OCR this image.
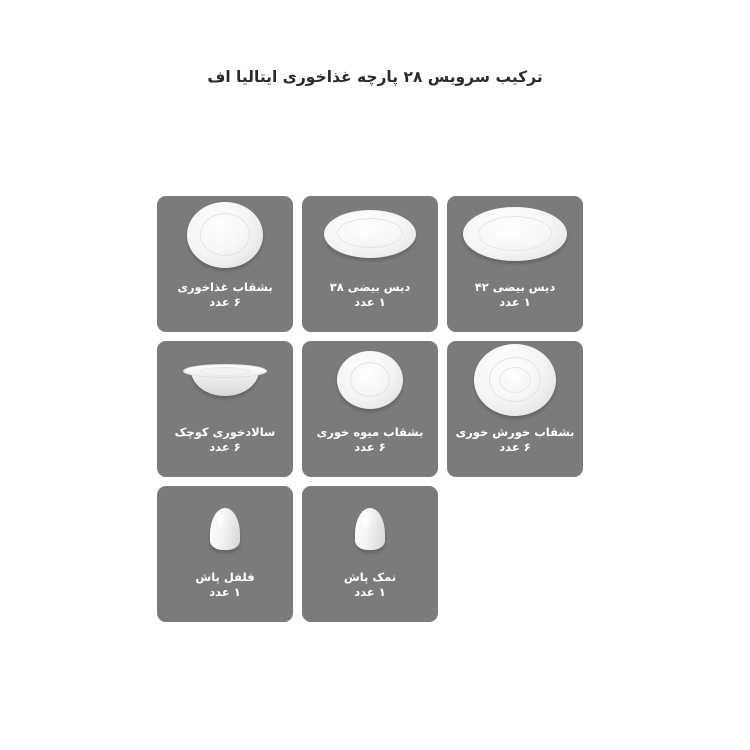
ترکیب سرویس ۲۸ پارچه غذاخوری ایتالیا اف
بشقاب غذاخوری
۶ عدد
دیس بیضی ۳۸
۱ عدد
دیس بیضی ۴۲
۱ عدد
سالادخوری کوچک
۶ عدد
بشقاب میوه خوری
۶ عدد
بشقاب خورش خوری
۶ عدد
فلفل پاش
۱ عدد
نمک پاش
۱ عدد
